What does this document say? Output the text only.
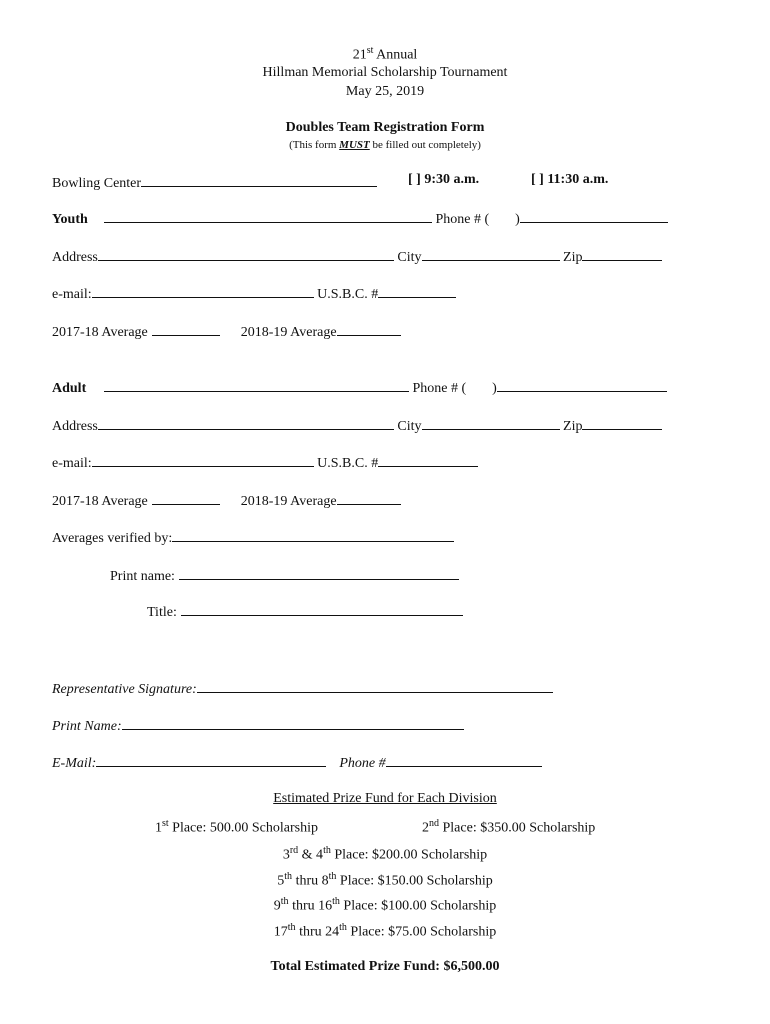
21st Annual
Hillman Memorial Scholarship Tournament
May 25, 2019
Doubles Team Registration Form
(This form MUST be filled out completely)
Bowling Center	[ ] 9:30 a.m.	[ ] 11:30 a.m.
Youth	Phone # ( )
Address	City	Zip
e-mail:	U.S.B.C. #
2017-18 Average	2018-19 Average
Adult	Phone # ( )
Address	City	Zip
e-mail:	U.S.B.C. #
2017-18 Average	2018-19 Average
Averages verified by:
Print name:
Title:
Representative Signature:
Print Name:
E-Mail:	Phone #
Estimated Prize Fund for Each Division
1st Place: 500.00 Scholarship	2nd Place: $350.00 Scholarship
3rd & 4th Place: $200.00 Scholarship
5th thru 8th Place: $150.00 Scholarship
9th thru 16th Place: $100.00 Scholarship
17th thru 24th Place: $75.00 Scholarship
Total Estimated Prize Fund: $6,500.00
